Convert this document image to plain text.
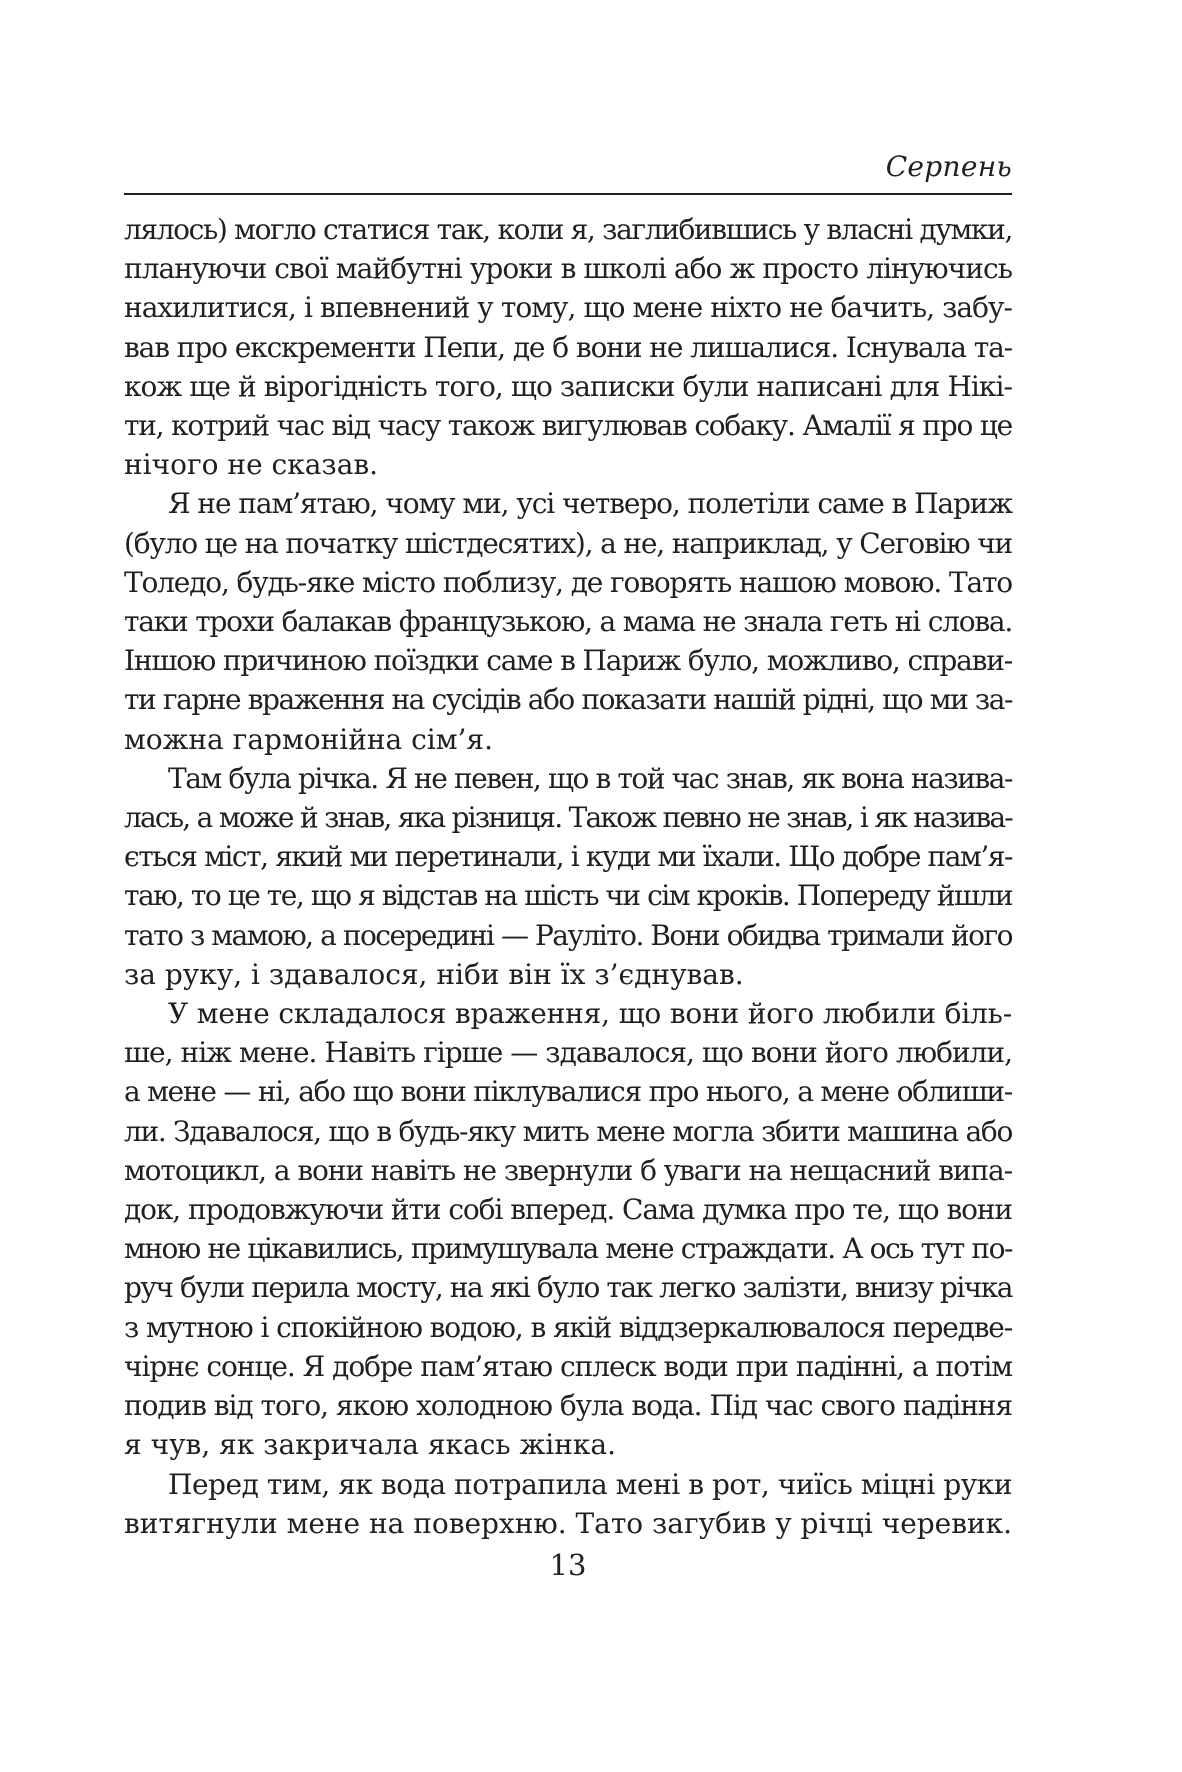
Серпень
лялось) могло статися так, коли я, заглибившись у власні думки,
плануючи свої майбутні уроки в школі або ж просто лінуючись
нахилитися, і впевнений у тому, що мене ніхто не бачить, забу-
вав про екскременти Пепи, де б вони не лишалися. Існувала та-
кож ще й вірогідність того, що записки були написані для Нікі-
ти, котрий час від часу також вигулював собаку. Амалії я про це
нічого не сказав.
Я не пам’ятаю, чому ми, усі четверо, полетіли саме в Париж
(було це на початку шістдесятих), а не, наприклад, у Сеговію чи
Толедо, будь-яке місто поблизу, де говорять нашою мовою. Тато
таки трохи балакав французькою, а мама не знала геть ні слова.
Іншою причиною поїздки саме в Париж було, можливо, справи-
ти гарне враження на сусідів або показати нашій рідні, що ми за-
можна гармонійна сім’я.
Там була річка. Я не певен, що в той час знав, як вона назива-
лась, а може й знав, яка різниця. Також певно не знав, і як назива-
ється міст, який ми перетинали, і куди ми їхали. Що добре пам’я-
таю, то це те, що я відстав на шість чи сім кроків. Попереду йшли
тато з мамою, а посередині — Рауліто. Вони обидва тримали його
за руку, і здавалося, ніби він їх з’єднував.
У мене складалося враження, що вони його любили біль-
ше, ніж мене. Навіть гірше — здавалося, що вони його любили,
а мене — ні, або що вони піклувалися про нього, а мене облиши-
ли. Здавалося, що в будь-яку мить мене могла збити машина або
мотоцикл, а вони навіть не звернули б уваги на нещасний випа-
док, продовжуючи йти собі вперед. Сама думка про те, що вони
мною не цікавились, примушувала мене страждати. А ось тут по-
руч були перила мосту, на які було так легко залізти, внизу річка
з мутною і спокійною водою, в якій віддзеркалювалося передве-
чірнє сонце. Я добре пам’ятаю сплеск води при падінні, а потім
подив від того, якою холодною була вода. Під час свого падіння
я чув, як закричала якась жінка.
Перед тим, як вода потрапила мені в рот, чиїсь міцні руки
витягнули мене на поверхню. Тато загубив у річці черевик.
13
